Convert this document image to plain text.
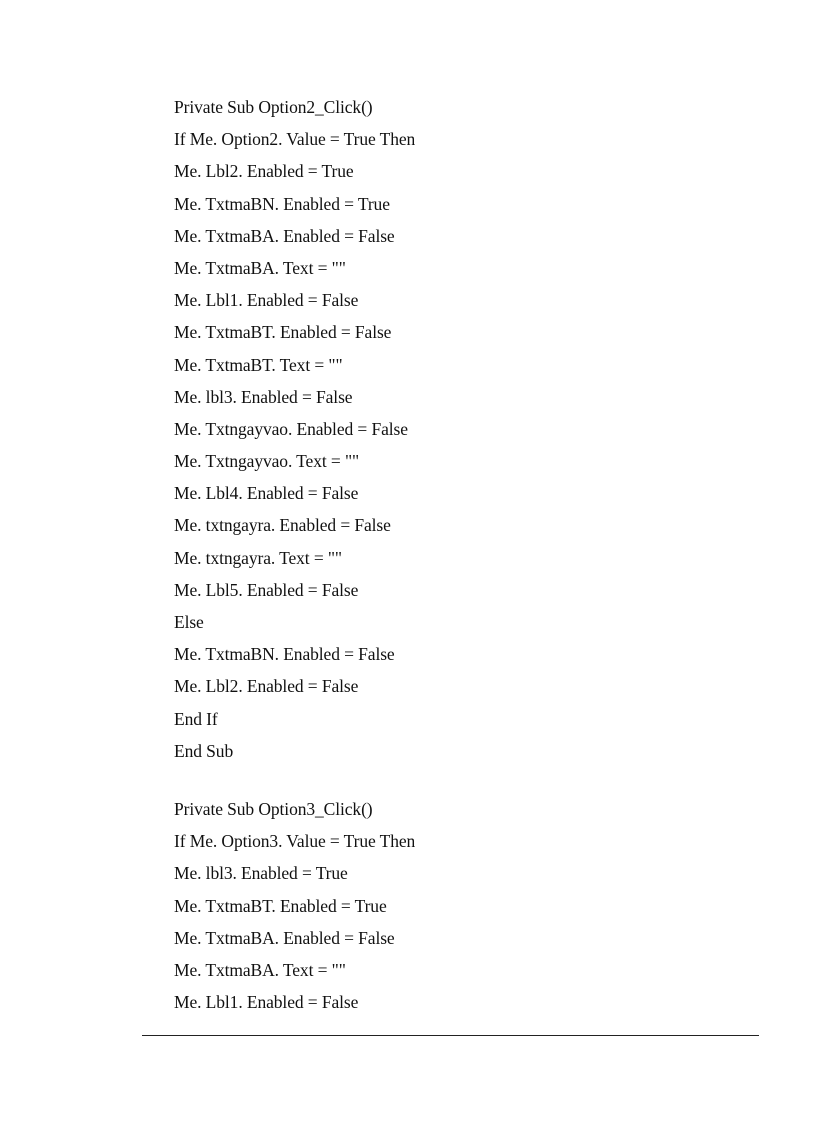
Private Sub Option2_Click()
If Me. Option2. Value = True Then
Me. Lbl2. Enabled = True
Me. TxtmaBN. Enabled = True
Me. TxtmaBA. Enabled = False
Me. TxtmaBA. Text = ""
Me. Lbl1. Enabled = False
Me. TxtmaBT. Enabled = False
Me. TxtmaBT. Text = ""
Me. lbl3. Enabled = False
Me. Txtngayvao. Enabled = False
Me. Txtngayvao. Text = ""
Me. Lbl4. Enabled = False
Me. txtngayra. Enabled = False
Me. txtngayra. Text = ""
Me. Lbl5. Enabled = False
Else
Me. TxtmaBN. Enabled = False
Me. Lbl2. Enabled = False
End If
End Sub
Private Sub Option3_Click()
If Me. Option3. Value = True Then
Me. lbl3. Enabled = True
Me. TxtmaBT. Enabled = True
Me. TxtmaBA. Enabled = False
Me. TxtmaBA. Text = ""
Me. Lbl1. Enabled = False
